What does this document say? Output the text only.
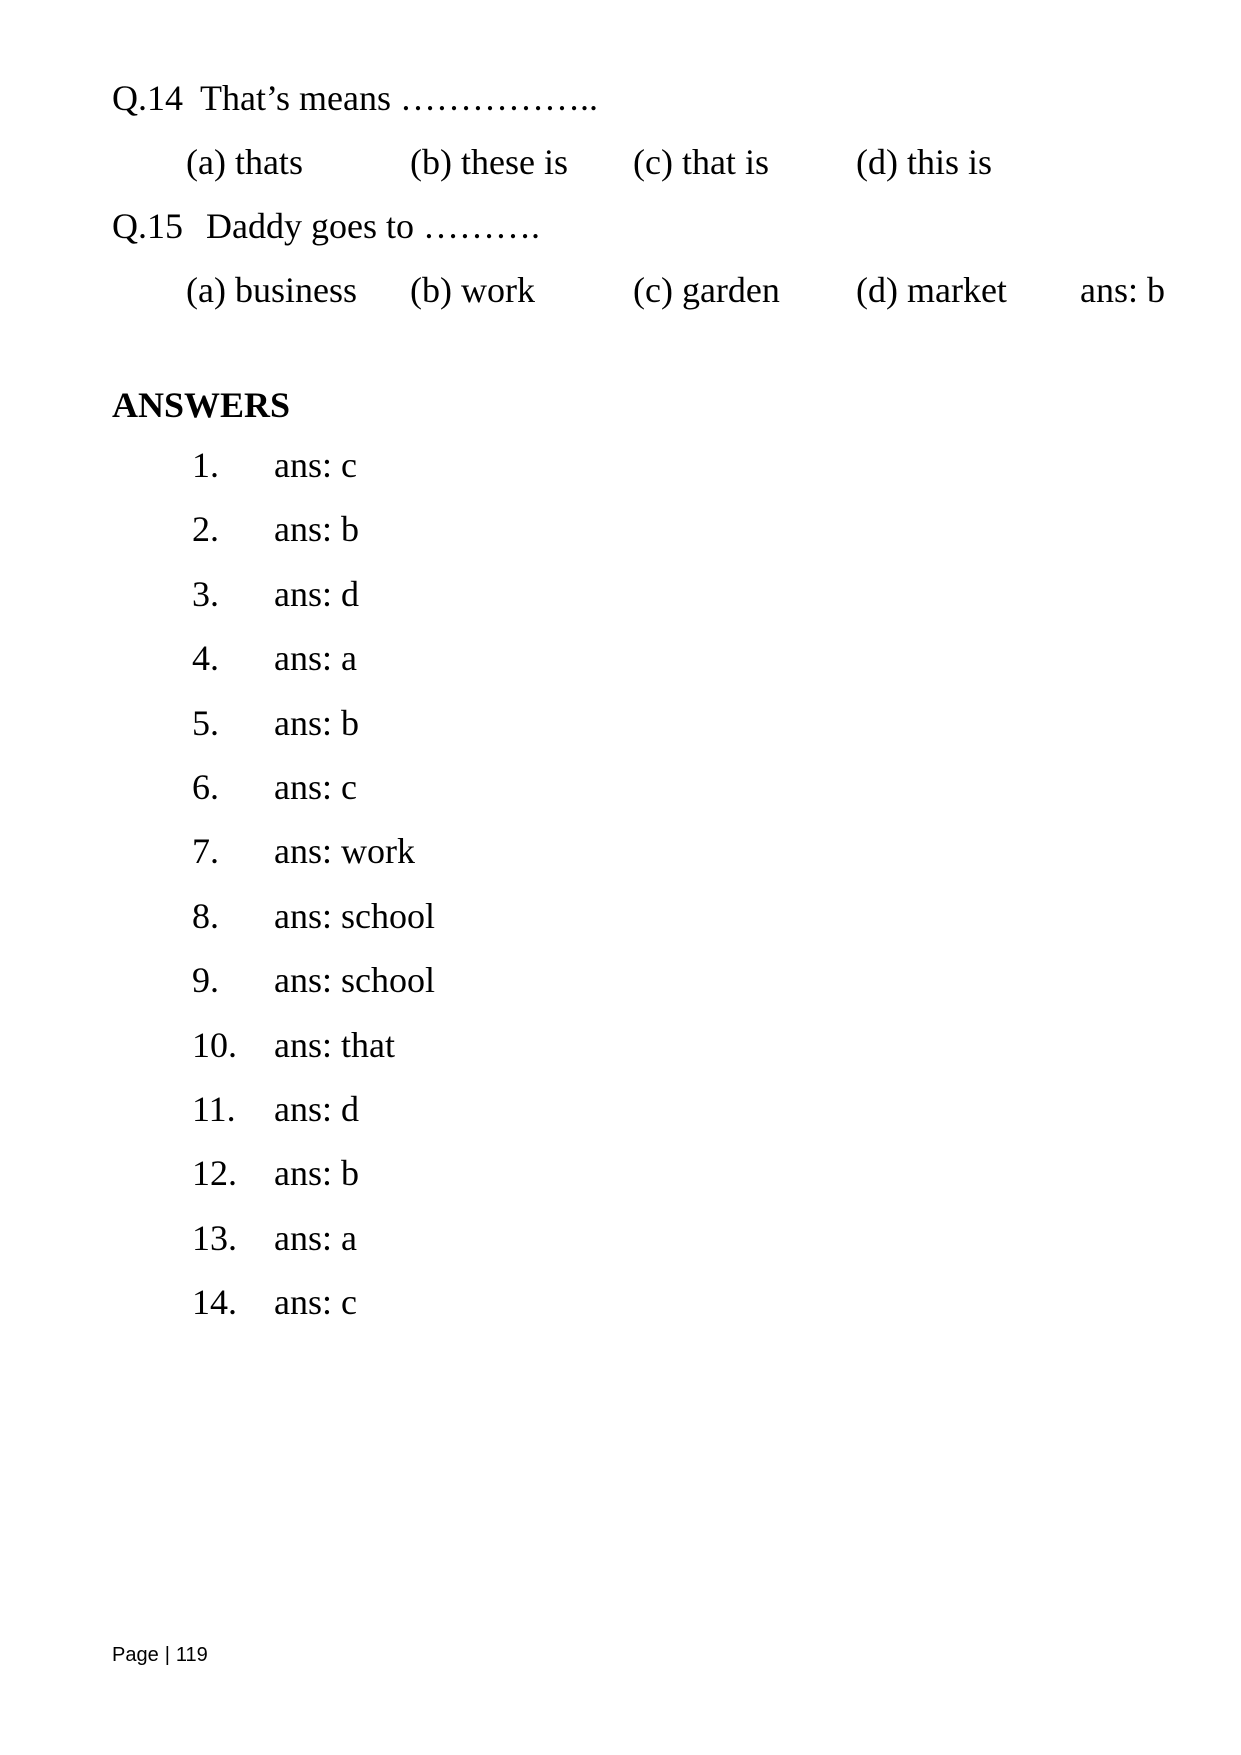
Q.14 That’s means ……………..
(a) thats	(b) these is (c) that is (d) this is
Q.15 Daddy goes to ……….
(a) business (b) work	(c) garden (d) market ans: b
ANSWERS
1. ans: c
2. ans: b
3. ans: d
4. ans: a
5. ans: b
6. ans: c
7. ans: work
8. ans: school
9. ans: school
10. ans: that
11. ans: d
12. ans: b
13. ans: a
14. ans: c
Page | 119
